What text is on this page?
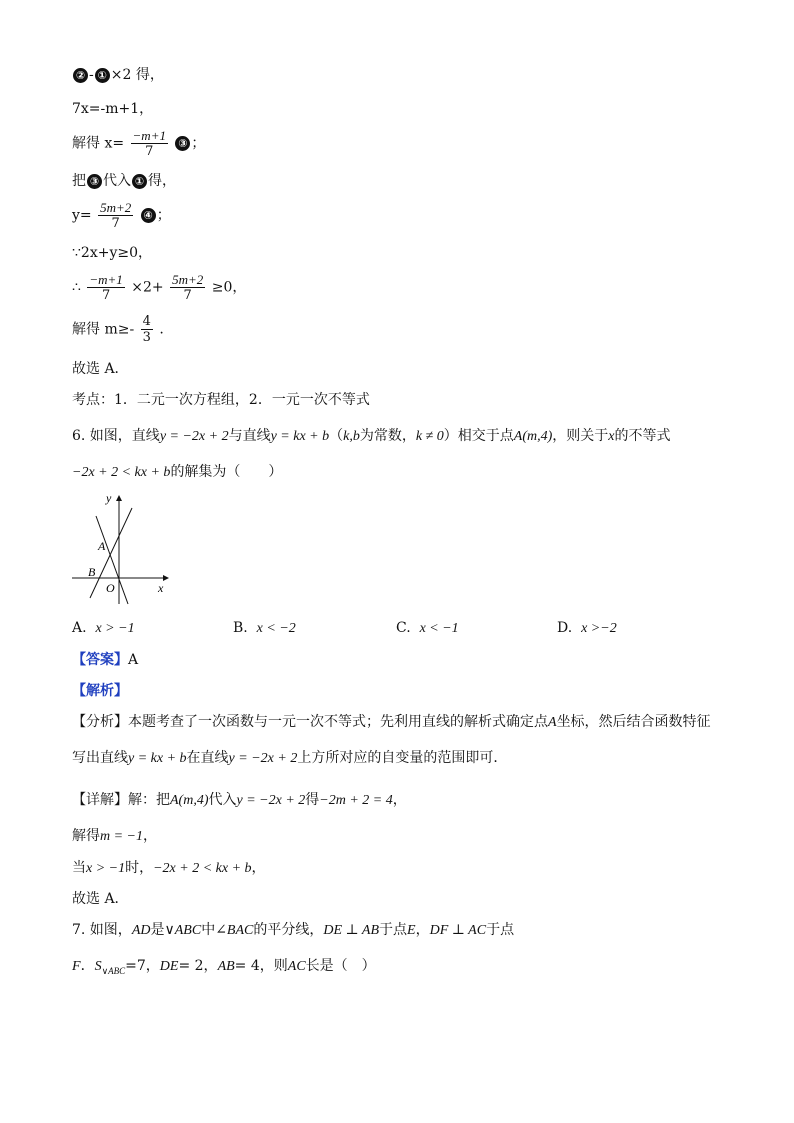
② - ① ×2 得，
7x=-m+1，
解得 $x= \frac{-m+1}{7}$ ③ ；
把 ③ 代入 ① 得，
$y= \frac{5m+2}{7}$ ④ ；
∵2x+y≥0，
∴ $\frac{-m+1}{7} \times 2+ \frac{5m+2}{7} \ge 0$，
解得 $m\ge- \frac{4}{3}$ .
故选 A．
考点：1．二元一次方程组，2．一元一次不等式
6. 如图，直线y = −2x + 2与直线y = kx + b（k,b为常数，k ≠ 0）相交于点A(m,4)，则关于x的不等式
−2x + 2 < kx + b的解集为（　　）
y
A
B
O	x
A. x > −1	B. x < −2	C. x < −1	D. x >−2
【答案】A
【解析】
【分析】本题考查了一次函数与一元一次不等式；先利用直线的解析式确定点A坐标，然后结合函数特征
写出直线y = kx + b在直线y = −2x + 2上方所对应的自变量的范围即可．
【详解】解：把A(m,4)代入y = −2x + 2得−2m + 2 = 4，
解得m = −1，
当x > −1时，−2x + 2 < kx + b，
故选 A．
7. 如图，AD是∨ABC中∠BAC的平分线，DE ⊥ AB于点E，DF ⊥ AC于点
F．$S_{\vee ABC}=7$，DE= 2，AB= 4，则AC长是（　）
